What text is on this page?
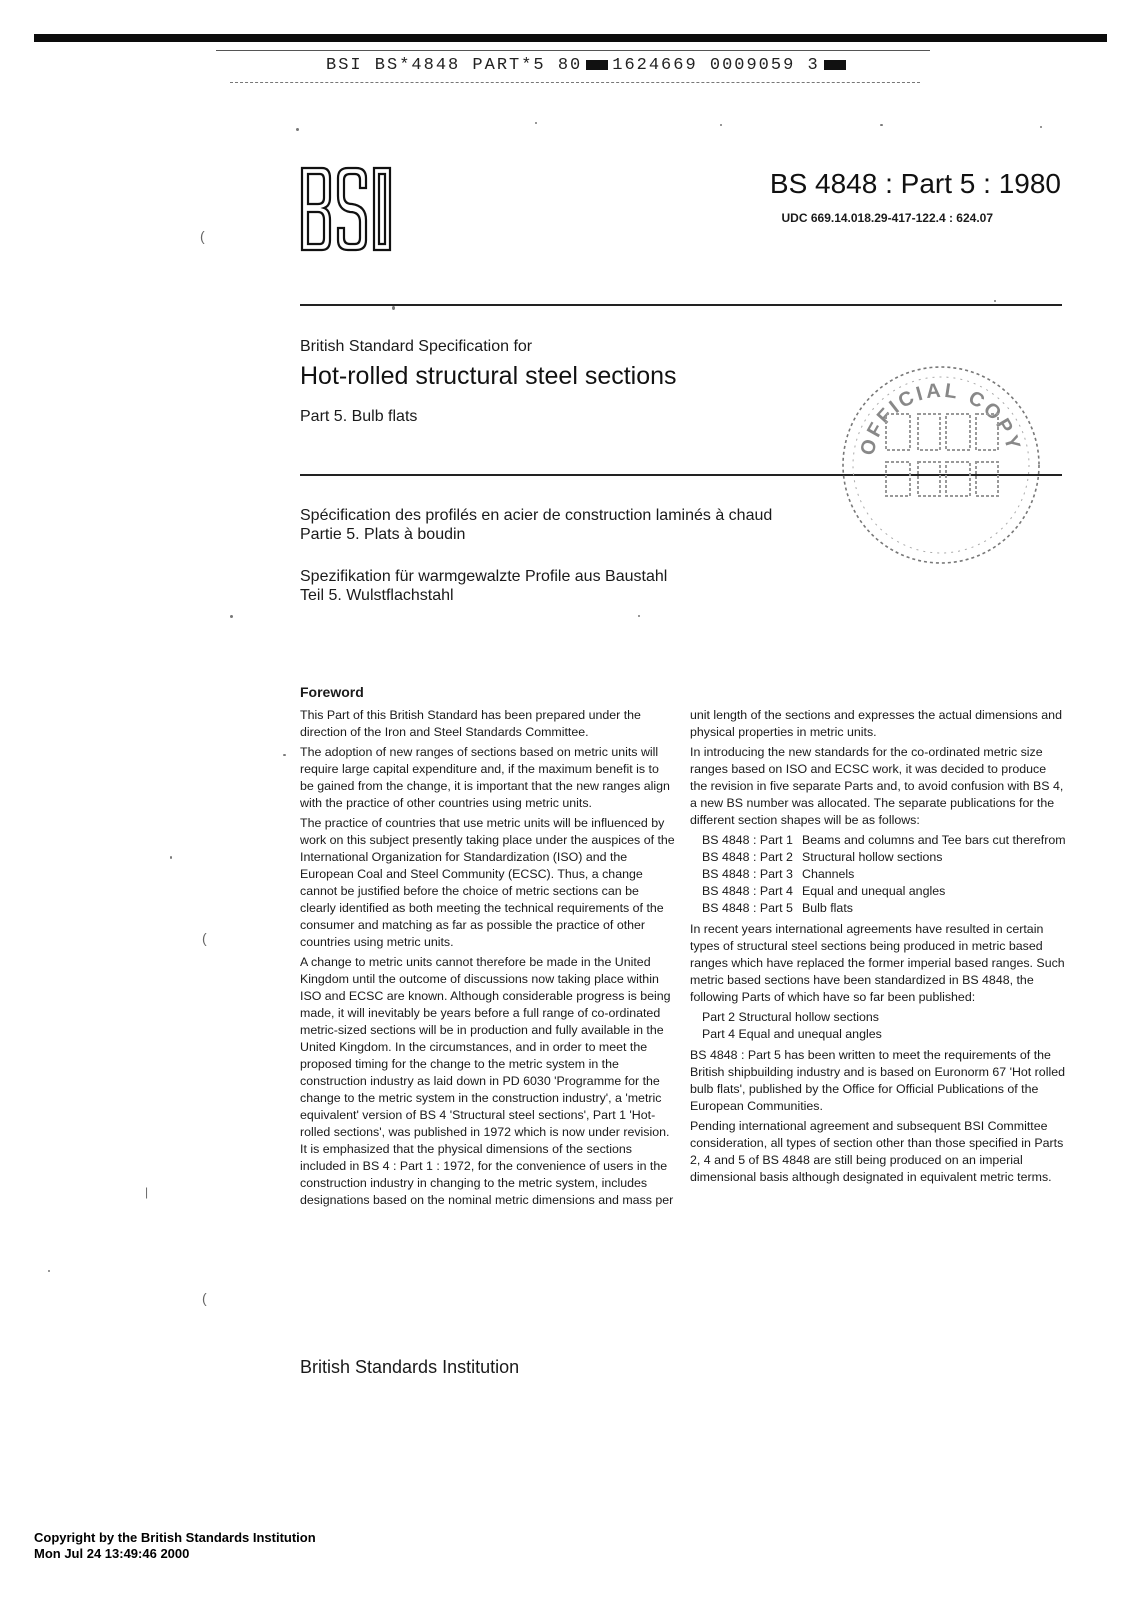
BSI BS*4848 PART*5 80 1624669 0009059 3
BS 4848 : Part 5 : 1980
UDC 669.14.018.29-417-122.4 : 624.07
British Standard Specification for
Hot-rolled structural steel sections
Part 5. Bulb flats
OFFICIAL COPY
Spécification des profilés en acier de construction laminés à chaud
Partie 5. Plats à boudin
Spezifikation für warmgewalzte Profile aus Baustahl
Teil 5. Wulstflachstahl
Foreword

This Part of this British Standard has been prepared under the direction of the Iron and Steel Standards Committee.

The adoption of new ranges of sections based on metric units will require large capital expenditure and, if the maximum benefit is to be gained from the change, it is important that the new ranges align with the practice of other countries using metric units.

The practice of countries that use metric units will be influenced by work on this subject presently taking place under the auspices of the International Organization for Standardization (ISO) and the European Coal and Steel Community (ECSC). Thus, a change cannot be justified before the choice of metric sections can be clearly identified as both meeting the technical requirements of the consumer and matching as far as possible the practice of other countries using metric units.

A change to metric units cannot therefore be made in the United Kingdom until the outcome of discussions now taking place within ISO and ECSC are known. Although considerable progress is being made, it will inevitably be years before a full range of co-ordinated metric-sized sections will be in production and fully available in the United Kingdom. In the circumstances, and in order to meet the proposed timing for the change to the metric system in the construction industry as laid down in PD 6030 'Programme for the change to the metric system in the construction industry', a 'metric equivalent' version of BS 4 'Structural steel sections', Part 1 'Hot-rolled sections', was published in 1972 which is now under revision. It is emphasized that the physical dimensions of the sections included in BS 4 : Part 1 : 1972, for the convenience of users in the construction industry in changing to the metric system, includes designations based on the nominal metric dimensions and mass per

unit length of the sections and expresses the actual dimensions and physical properties in metric units.

In introducing the new standards for the co-ordinated metric size ranges based on ISO and ECSC work, it was decided to produce the revision in five separate Parts and, to avoid confusion with BS 4, a new BS number was allocated. The separate publications for the different section shapes will be as follows:

BS 4848 : Part 1 Beams and columns and Tee bars cut therefrom
BS 4848 : Part 2 Structural hollow sections
BS 4848 : Part 3 Channels
BS 4848 : Part 4 Equal and unequal angles
BS 4848 : Part 5 Bulb flats

In recent years international agreements have resulted in certain types of structural steel sections being produced in metric based ranges which have replaced the former imperial based ranges. Such metric based sections have been standardized in BS 4848, the following Parts of which have so far been published:

Part 2 Structural hollow sections
Part 4 Equal and unequal angles

BS 4848 : Part 5 has been written to meet the requirements of the British shipbuilding industry and is based on Euronorm 67 'Hot rolled bulb flats', published by the Office for Official Publications of the European Communities.

Pending international agreement and subsequent BSI Committee consideration, all types of section other than those specified in Parts 2, 4 and 5 of BS 4848 are still being produced on an imperial dimensional basis although designated in equivalent metric terms.

British Standards Institution
Copyright by the British Standards Institution
Mon Jul 24 13:49:46 2000
(
(
(
|
